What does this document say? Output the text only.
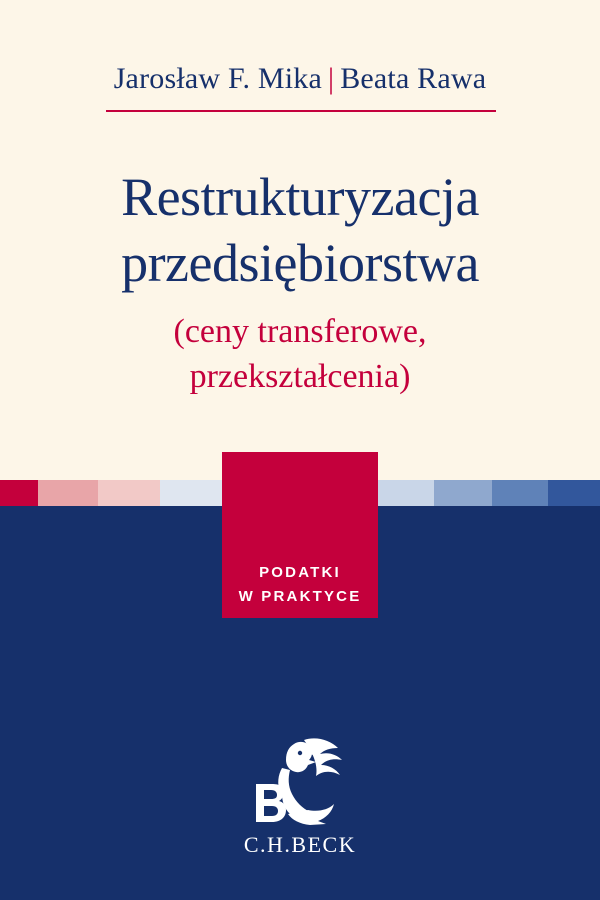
Jarosław F. Mika | Beata Rawa
Restrukturyzacja
przedsiębiorstwa
(ceny transferowe,
przekształcenia)
PODATKI
W PRAKTYCE
C.H.BECK
